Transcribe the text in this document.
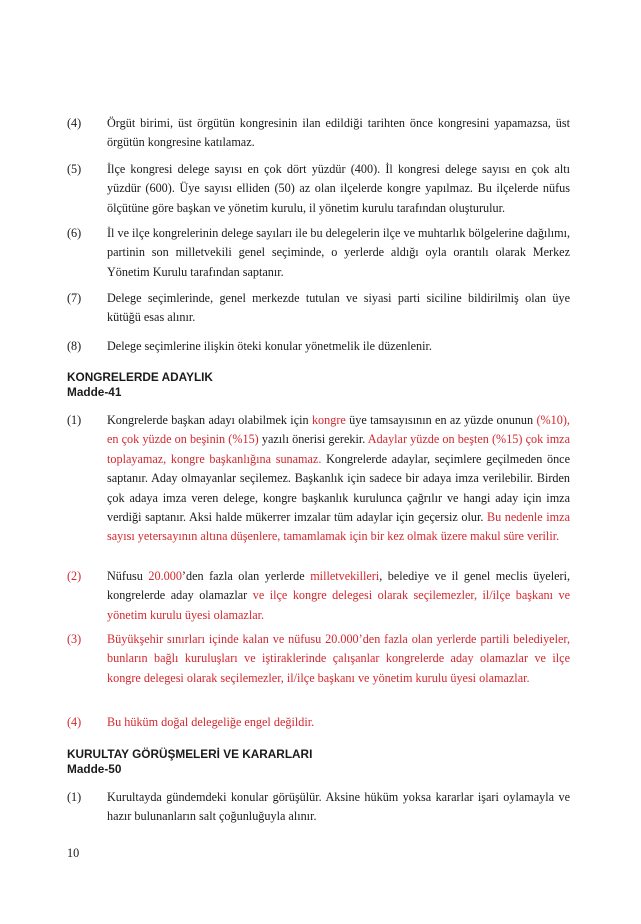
(4)	Örgüt birimi, üst örgütün kongresinin ilan edildiği tarihten önce kongresini yapamazsa, üst örgütün kongresine katılamaz.
(5)	İlçe kongresi delege sayısı en çok dört yüzdür (400). İl kongresi delege sayısı en çok altı yüzdür (600). Üye sayısı elliden (50) az olan ilçelerde kongre yapılmaz. Bu ilçelerde nüfus ölçütüne göre başkan ve yönetim kurulu, il yönetim kurulu tarafından oluşturulur.
(6)	İl ve ilçe kongrelerinin delege sayıları ile bu delegelerin ilçe ve muhtarlık bölgelerine dağılımı, partinin son milletvekili genel seçiminde, o yerlerde aldığı oyla orantılı olarak Merkez Yönetim Kurulu tarafından saptanır.
(7)	Delege seçimlerinde, genel merkezde tutulan ve siyasi parti siciline bildirilmiş olan üye kütüğü esas alınır.
(8)	Delege seçimlerine ilişkin öteki konular yönetmelik ile düzenlenir.
KONGRELERDE ADAYLIK
Madde-41
(1)	Kongrelerde başkan adayı olabilmek için kongre üye tamsayısının en az yüzde onunun (%10), en çok yüzde on beşinin (%15) yazılı önerisi gerekir. Adaylar yüzde on beşten (%15) çok imza toplayamaz, kongre başkanlığına sunamaz. Kongrelerde adaylar, seçimlere geçilmeden önce saptanır. Aday olmayanlar seçilemez. Başkanlık için sadece bir adaya imza verilebilir. Birden çok adaya imza veren delege, kongre başkanlık kurulunca çağrılır ve hangi aday için imza verdiği saptanır. Aksi halde mükerrer imzalar tüm adaylar için geçersiz olur. Bu nedenle imza sayısı yetersayının altına düşenlere, tamamlamak için bir kez olmak üzere makul süre verilir.
(2)	Nüfusu 20.000’den fazla olan yerlerde milletvekilleri, belediye ve il genel meclis üyeleri, kongrelerde aday olamazlar ve ilçe kongre delegesi olarak seçilemezler, il/ilçe başkanı ve yönetim kurulu üyesi olamazlar.
(3)	Büyükşehir sınırları içinde kalan ve nüfusu 20.000’den fazla olan yerlerde partili belediyeler, bunların bağlı kuruluşları ve iştiraklerinde çalışanlar kongrelerde aday olamazlar ve ilçe kongre delegesi olarak seçilemezler, il/ilçe başkanı ve yönetim kurulu üyesi olamazlar.
(4)	Bu hüküm doğal delegeliğe engel değildir.
KURULTAY GÖRÜŞMELERİ VE KARARLARI
Madde-50
(1)	Kurultayda gündemdeki konular görüşülür. Aksine hüküm yoksa kararlar işari oylamayla ve hazır bulunanların salt çoğunluğuyla alınır.
10
